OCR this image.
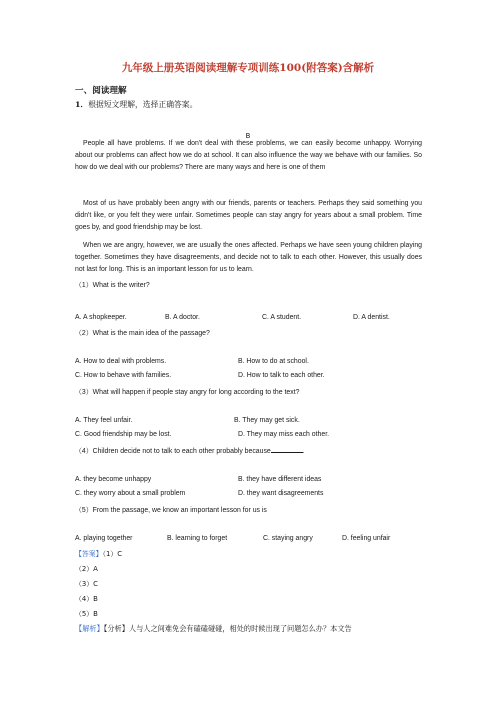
九年级上册英语阅读理解专项训练100(附答案)含解析
一、阅读理解
1．根据短文理解，选择正确答案。
B
People all have problems. If we don't deal with these problems, we can easily become unhappy. Worrying about our problems can affect how we do at school. It can also influence the way we behave with our families. So how do we deal with our problems? There are many ways and here is one of them
Most of us have probably been angry with our friends, parents or teachers. Perhaps they said something you didn't like, or you felt they were unfair. Sometimes people can stay angry for years about a small problem. Time goes by, and good friendship may be lost.
When we are angry, however, we are usually the ones affected. Perhaps we have seen young children playing together. Sometimes they have disagreements, and decide not to talk to each other. However, this usually does not last for long. This is an important lesson for us to learn.
（1）What is the writer?
A. A shopkeeper.	B. A doctor.	C. A student.	D. A dentist.
（2）What is the main idea of the passage?
A. How to deal with problems.	B. How to do at school.
C. How to behave with families.	D. How to talk to each other.
（3）What will happen if people stay angry for long according to the text?
A. They feel unfair.	B. They may get sick.
C. Good friendship may be lost.	D. They may miss each other.
（4）Children decide not to talk to each other probably because	.
A. they become unhappy	B. they have different ideas
C. they worry about a small problem	D. they want disagreements
（5）From the passage, we know an important lesson for us is
A. playing together	B. learning to forget	C. staying angry	D. feeling unfair
【答案】（1）C
（2）A
（3）C
（4）B
（5）B
【解析】【分析】人与人之间难免会有磕磕碰碰，相处的时候出现了问题怎么办？本文告
